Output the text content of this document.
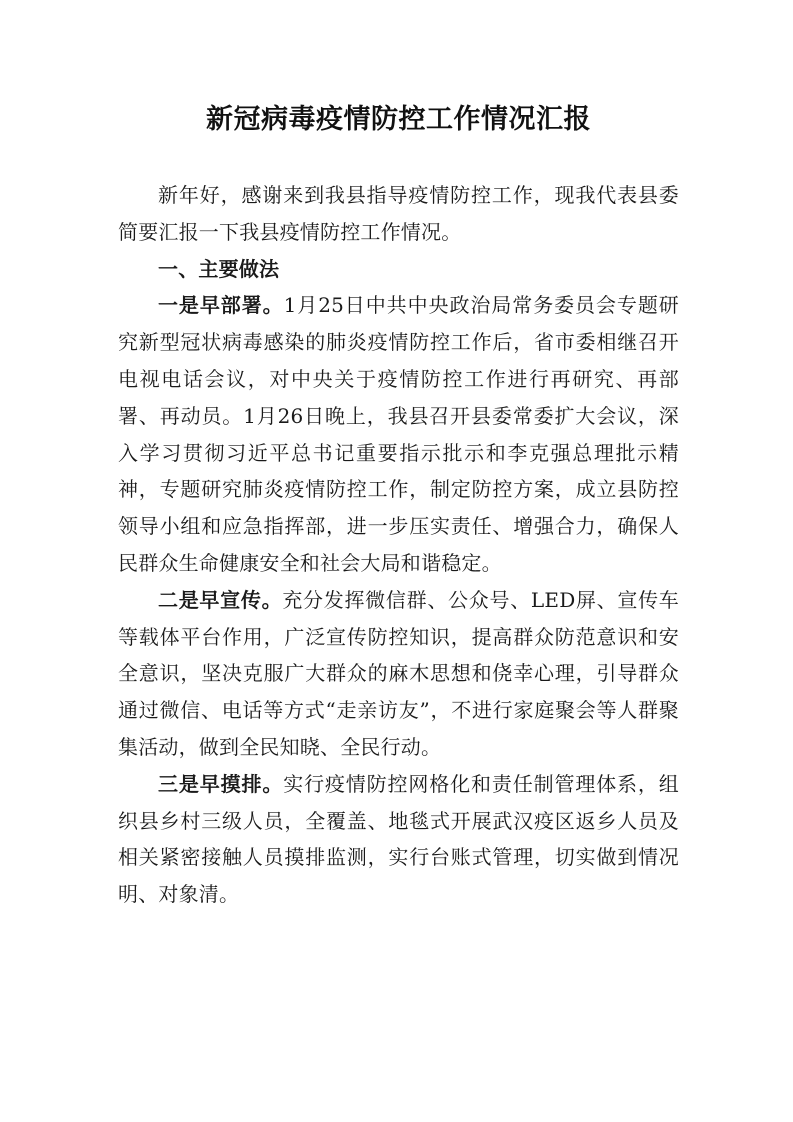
新冠病毒疫情防控工作情况汇报

新年好，感谢来到我县指导疫情防控工作，现我代表县委简要汇报一下我县疫情防控工作情况。

一、主要做法

一是早部署。1月25日中共中央政治局常务委员会专题研究新型冠状病毒感染的肺炎疫情防控工作后，省市委相继召开电视电话会议，对中央关于疫情防控工作进行再研究、再部署、再动员。1月26日晚上，我县召开县委常委扩大会议，深入学习贯彻习近平总书记重要指示批示和李克强总理批示精神，专题研究肺炎疫情防控工作，制定防控方案，成立县防控领导小组和应急指挥部，进一步压实责任、增强合力，确保人民群众生命健康安全和社会大局和谐稳定。

二是早宣传。充分发挥微信群、公众号、LED屏、宣传车等载体平台作用，广泛宣传防控知识，提高群众防范意识和安全意识，坚决克服广大群众的麻木思想和侥幸心理，引导群众通过微信、电话等方式“走亲访友”，不进行家庭聚会等人群聚集活动，做到全民知晓、全民行动。

三是早摸排。实行疫情防控网格化和责任制管理体系，组织县乡村三级人员，全覆盖、地毯式开展武汉疫区返乡人员及相关紧密接触人员摸排监测，实行台账式管理，切实做到情况明、对象清。
